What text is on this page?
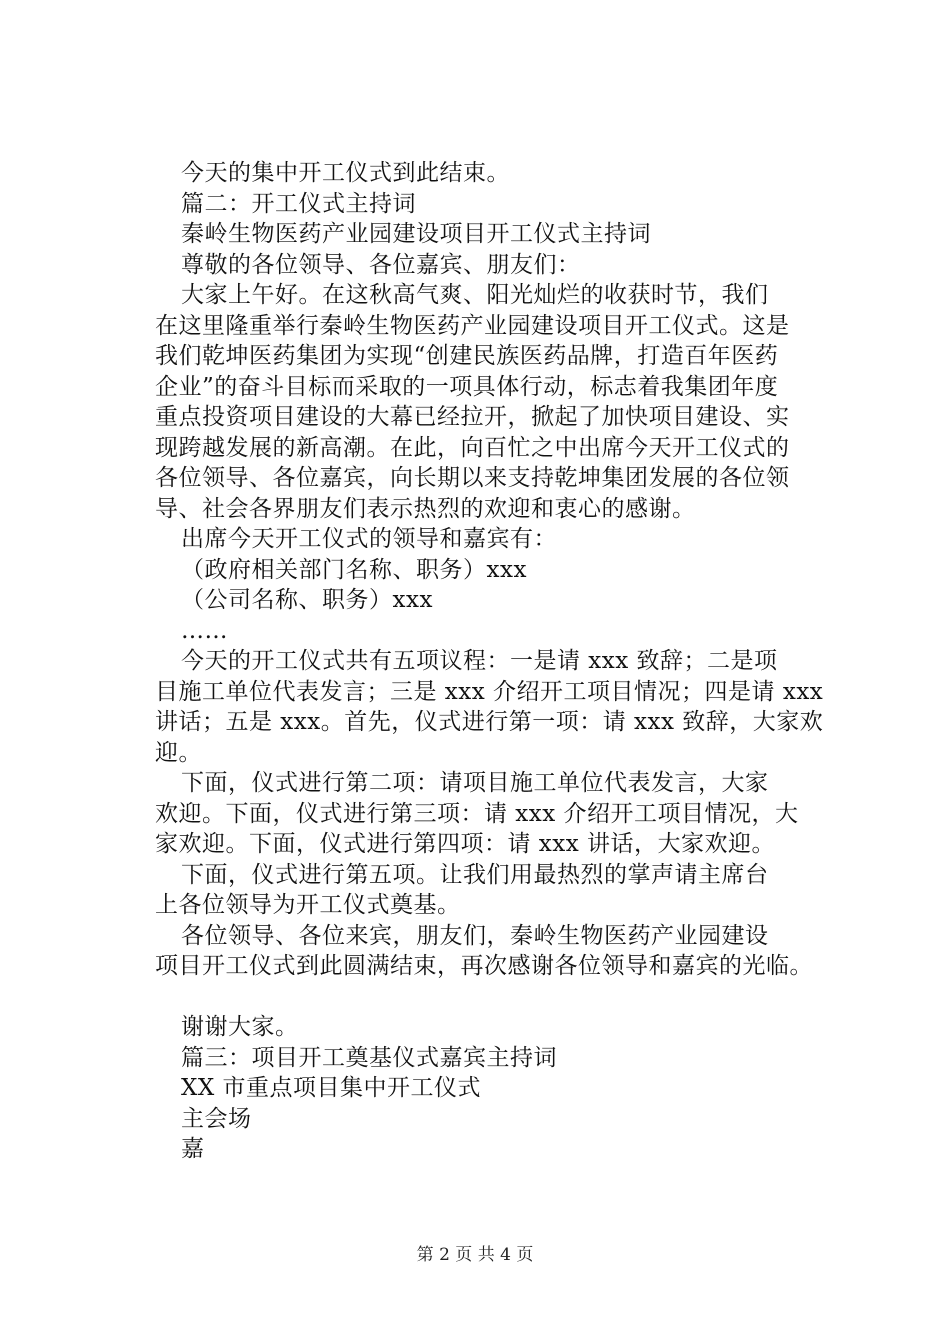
今天的集中开工仪式到此结束。
篇二：开工仪式主持词
秦岭生物医药产业园建设项目开工仪式主持词
尊敬的各位领导、各位嘉宾、朋友们：
大家上午好。在这秋高气爽、阳光灿烂的收获时节，我们
在这里隆重举行秦岭生物医药产业园建设项目开工仪式。这是
我们乾坤医药集团为实现“创建民族医药品牌，打造百年医药
企业”的奋斗目标而采取的一项具体行动，标志着我集团年度
重点投资项目建设的大幕已经拉开，掀起了加快项目建设、实
现跨越发展的新高潮。在此，向百忙之中出席今天开工仪式的
各位领导、各位嘉宾，向长期以来支持乾坤集团发展的各位领
导、社会各界朋友们表示热烈的欢迎和衷心的感谢。
出席今天开工仪式的领导和嘉宾有：
（政府相关部门名称、职务）xxx
（公司名称、职务）xxx
……
今天的开工仪式共有五项议程：一是请 xxx 致辞；二是项
目施工单位代表发言；三是 xxx 介绍开工项目情况；四是请 xxx
讲话；五是 xxx。首先，仪式进行第一项：请 xxx 致辞，大家欢
迎。
下面，仪式进行第二项：请项目施工单位代表发言，大家
欢迎。下面，仪式进行第三项：请 xxx 介绍开工项目情况，大
家欢迎。下面，仪式进行第四项：请 xxx 讲话，大家欢迎。
下面，仪式进行第五项。让我们用最热烈的掌声请主席台
上各位领导为开工仪式奠基。
各位领导、各位来宾，朋友们，秦岭生物医药产业园建设
项目开工仪式到此圆满结束，再次感谢各位领导和嘉宾的光临。
谢谢大家。
篇三：项目开工奠基仪式嘉宾主持词
XX 市重点项目集中开工仪式
主会场
嘉
第 2 页 共 4 页
